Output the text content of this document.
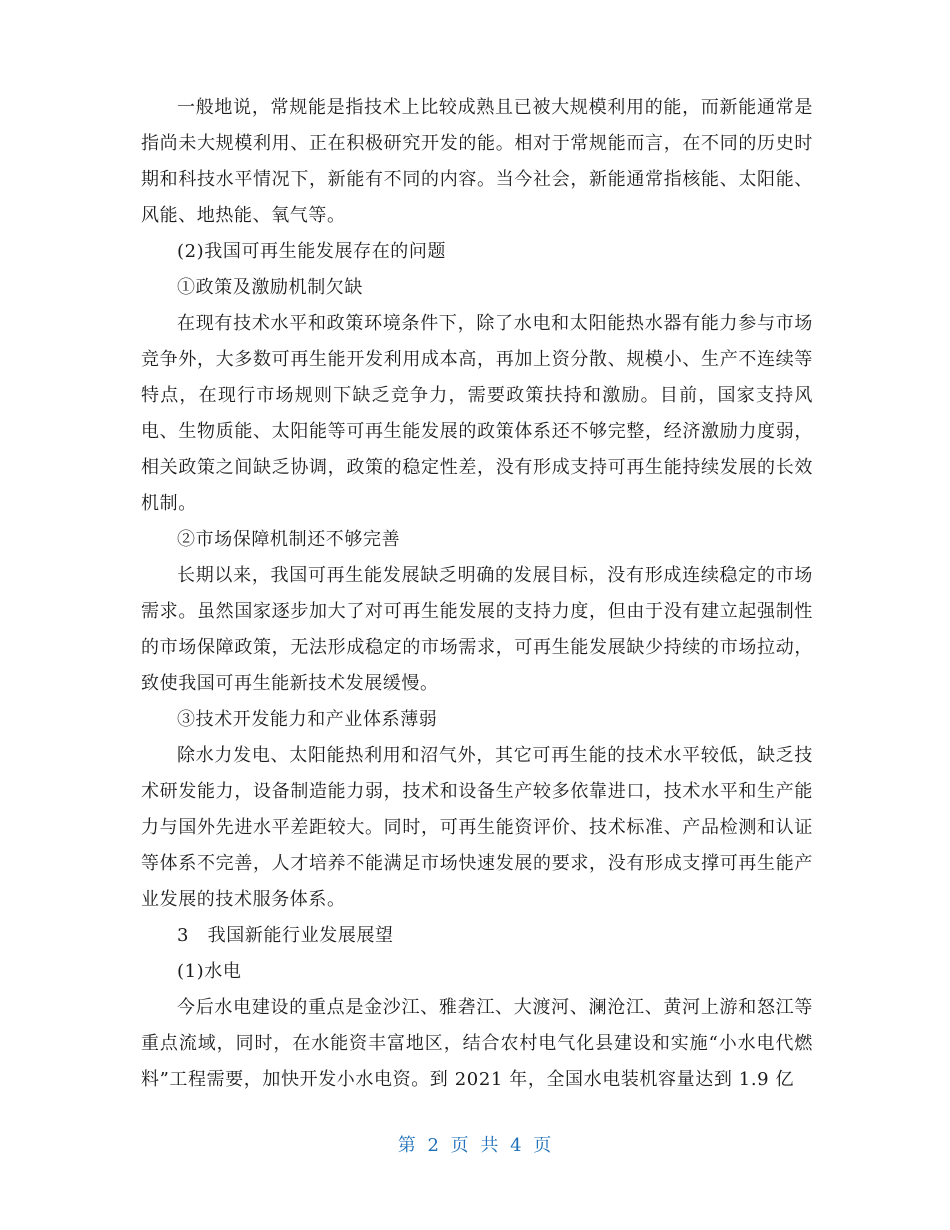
一般地说，常规能是指技术上比较成熟且已被大规模利用的能，而新能通常是指尚未大规模利用、正在积极研究开发的能。相对于常规能而言，在不同的历史时期和科技水平情况下，新能有不同的内容。当今社会，新能通常指核能、太阳能、风能、地热能、氧气等。

(2)我国可再生能发展存在的问题

①政策及激励机制欠缺

在现有技术水平和政策环境条件下，除了水电和太阳能热水器有能力参与市场竞争外，大多数可再生能开发利用成本高，再加上资分散、规模小、生产不连续等特点，在现行市场规则下缺乏竞争力，需要政策扶持和激励。目前，国家支持风电、生物质能、太阳能等可再生能发展的政策体系还不够完整，经济激励力度弱，相关政策之间缺乏协调，政策的稳定性差，没有形成支持可再生能持续发展的长效机制。

②市场保障机制还不够完善

长期以来，我国可再生能发展缺乏明确的发展目标，没有形成连续稳定的市场需求。虽然国家逐步加大了对可再生能发展的支持力度，但由于没有建立起强制性的市场保障政策，无法形成稳定的市场需求，可再生能发展缺少持续的市场拉动，致使我国可再生能新技术发展缓慢。

③技术开发能力和产业体系薄弱

除水力发电、太阳能热利用和沼气外，其它可再生能的技术水平较低，缺乏技术研发能力，设备制造能力弱，技术和设备生产较多依靠进口，技术水平和生产能力与国外先进水平差距较大。同时，可再生能资评价、技术标准、产品检测和认证等体系不完善，人才培养不能满足市场快速发展的要求，没有形成支撑可再生能产业发展的技术服务体系。

3　我国新能行业发展展望

(1)水电

今后水电建设的重点是金沙江、雅砻江、大渡河、澜沧江、黄河上游和怒江等重点流域，同时，在水能资丰富地区，结合农村电气化县建设和实施“小水电代燃料”工程需要，加快开发小水电资。到 2021 年，全国水电装机容量达到 1.9 亿

第 2 页 共 4 页
